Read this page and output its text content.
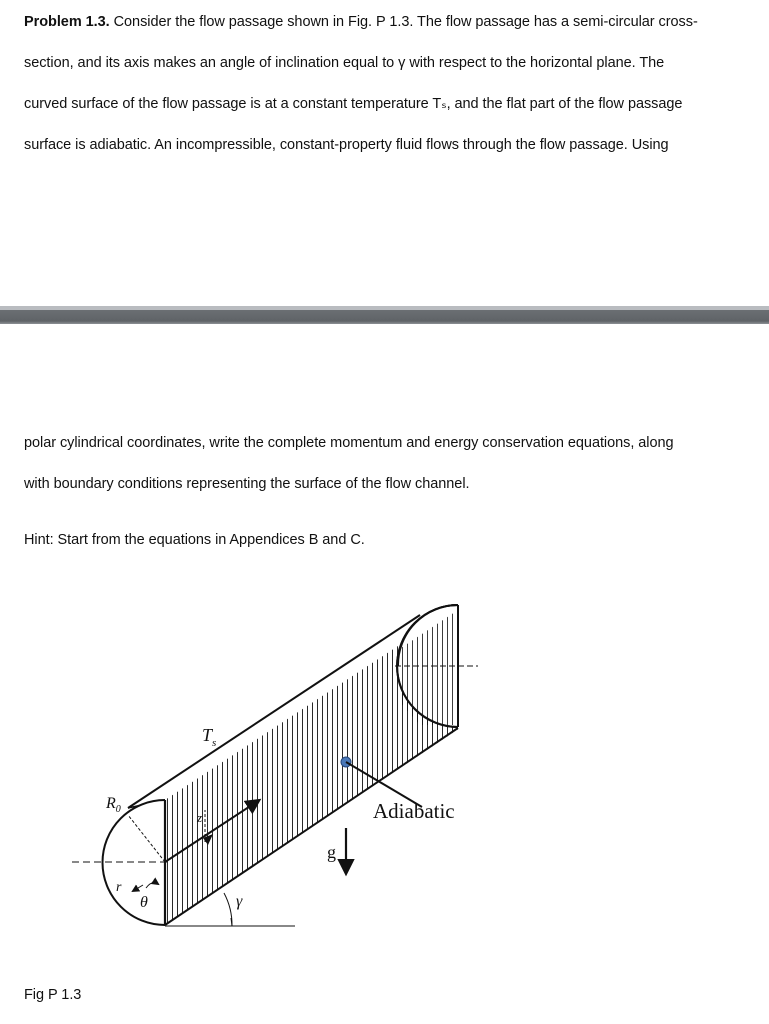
Problem 1.3. Consider the flow passage shown in Fig. P 1.3. The flow passage has a semi-circular cross-
section, and its axis makes an angle of inclination equal to γ with respect to the horizontal plane. The
curved surface of the flow passage is at a constant temperature Tₛ, and the flat part of the flow passage
surface is adiabatic. An incompressible, constant-property fluid flows through the flow passage. Using
polar cylindrical coordinates, write the complete momentum and energy conservation equations, along
with boundary conditions representing the surface of the flow channel.
Hint: Start from the equations in Appendices B and C.
$T_s$
$R_0$
z
r
θ	γ
g
Adiabatic
Fig P 1.3
